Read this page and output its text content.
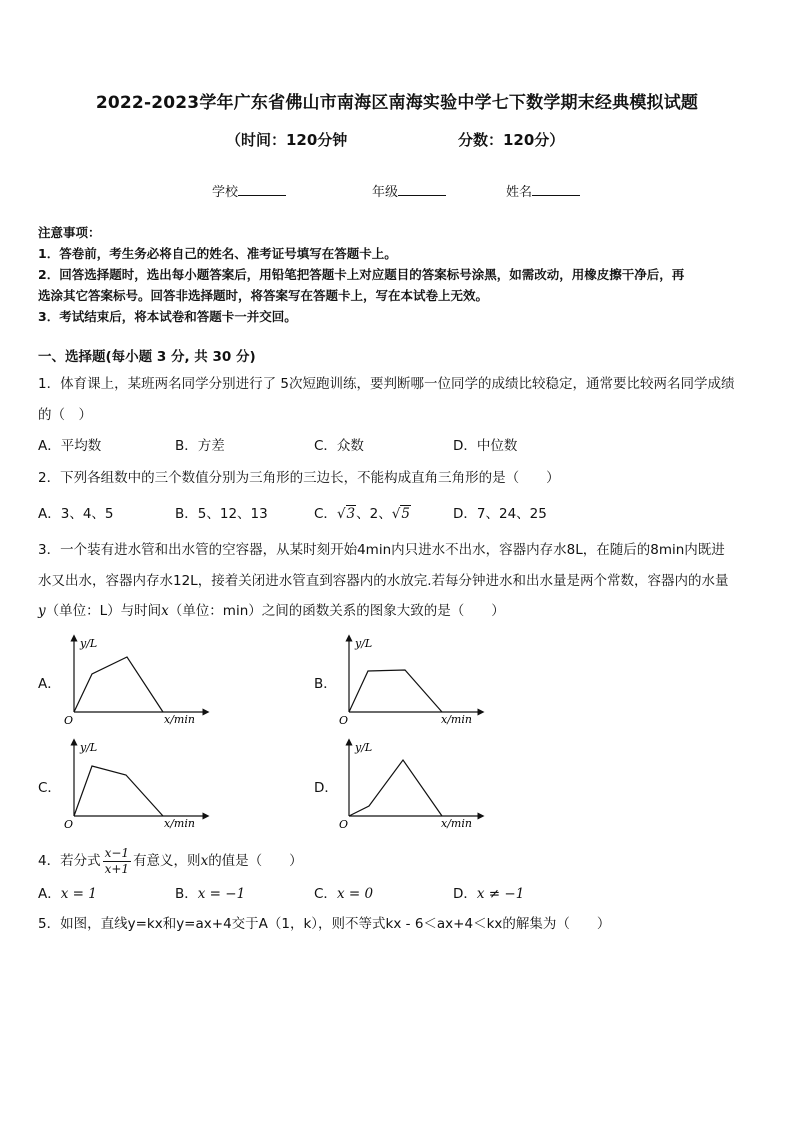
2022-2023学年广东省佛山市南海区南海实验中学七下数学期末经典模拟试题
（时间：120分钟	分数：120分）
学校	年级	姓名
注意事项：
1．答卷前，考生务必将自己的姓名、准考证号填写在答题卡上。
2．回答选择题时，选出每小题答案后，用铅笔把答题卡上对应题目的答案标号涂黑，如需改动，用橡皮擦干净后，再
选涂其它答案标号。回答非选择题时，将答案写在答题卡上，写在本试卷上无效。
3．考试结束后，将本试卷和答题卡一并交回。
一、选择题(每小题 3 分, 共 30 分)
1．体育课上，某班两名同学分别进行了 5次短跑训练，要判断哪一位同学的成绩比较稳定，通常要比较两名同学成绩
的（　）
A．平均数	B．方差	C．众数	D．中位数
2．下列各组数中的三个数值分别为三角形的三边长，不能构成直角三角形的是（　　）
A．3、4、5	B．5、12、13	C．√3、2、√5	D．7、24、25
3．一个装有进水管和出水管的空容器，从某时刻开始4min内只进水不出水，容器内存水8L，在随后的8min内既进
水又出水，容器内存水12L，接着关闭进水管直到容器内的水放完.若每分钟进水和出水量是两个常数，容器内的水量
y（单位：L）与时间x（单位：min）之间的函数关系的图象大致的是（　　）
A．	B．
C．	D．
y/L
x/min
O
y/L
x/min
O
y/L
x/min
O
y/L
x/min
O
4．若分式 $\frac{x-1}{x+1}$ 有意义，则x的值是（　　）
A．x = 1	B．x = −1	C．x = 0	D．x ≠ −1
5．如图，直线y=kx和y=ax+4交于A（1，k），则不等式kx - 6＜ax+4＜kx的解集为（　　）
